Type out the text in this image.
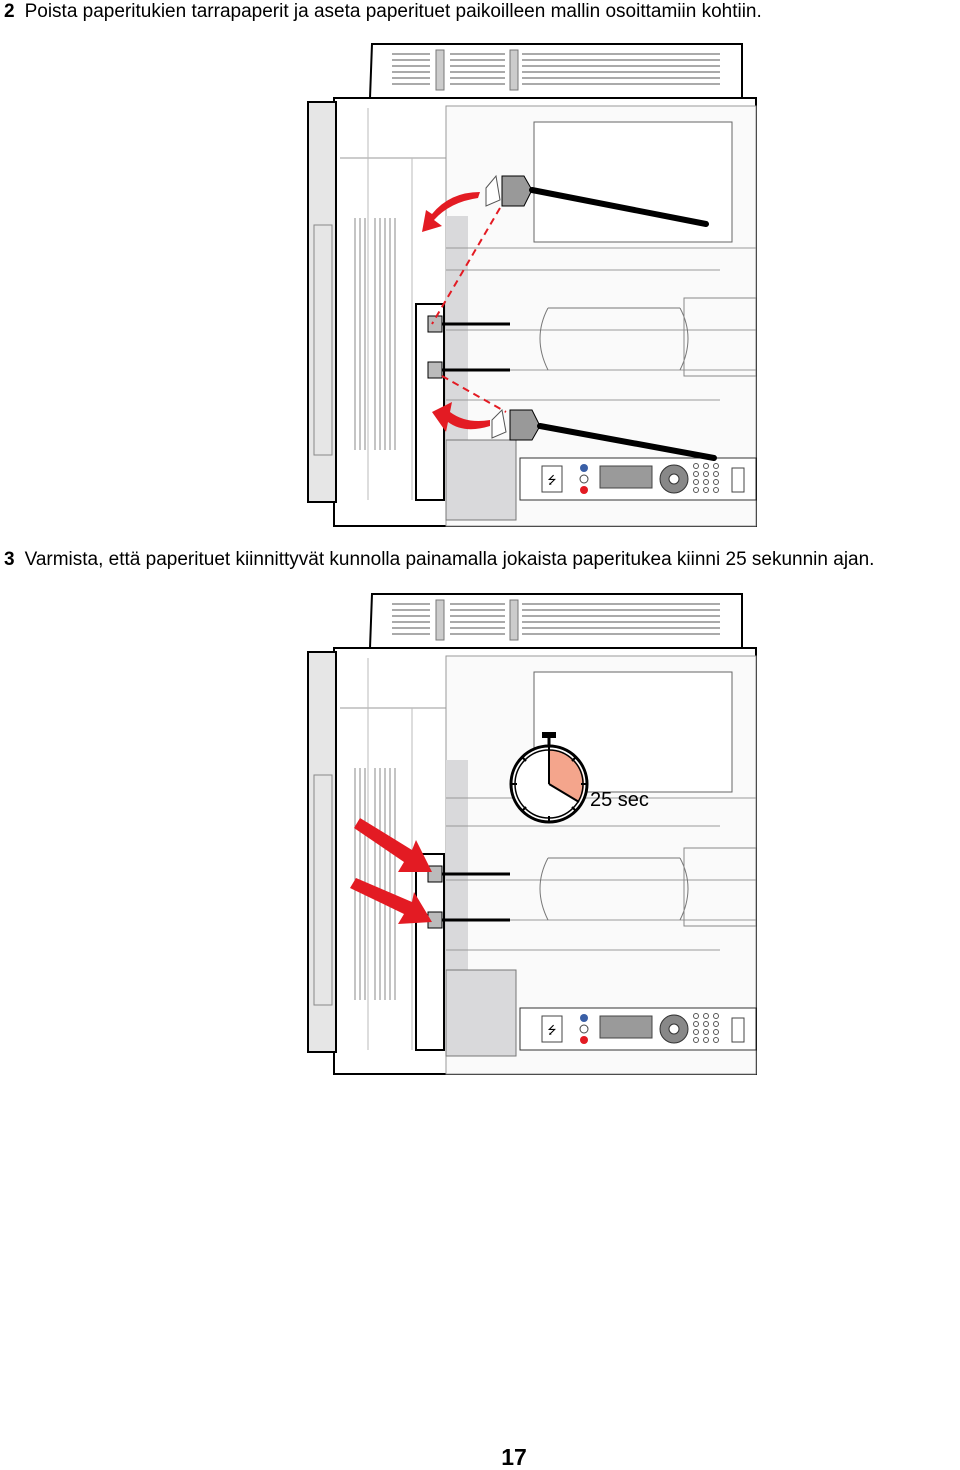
2 Poista paperitukien tarrapaperit ja aseta paperituet paikoilleen mallin osoittamiin kohtiin.
⭍
3 Varmista, että paperituet kiinnittyvät kunnolla painamalla jokaista paperitukea kiinni 25 sekunnin ajan.
25 sec
⭍
17
